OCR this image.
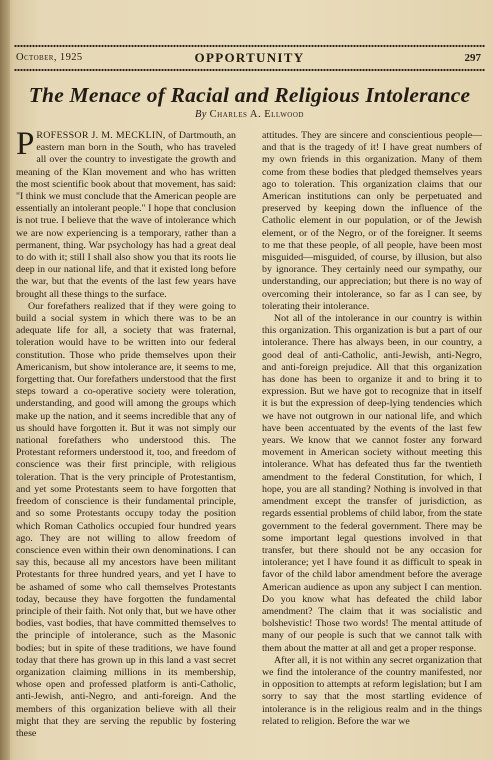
October, 1925	OPPORTUNITY	297
The Menace of Racial and Religious Intolerance
By Charles A. Ellwood

PROFESSOR J. M. MECKLIN, of Dartmouth, an eastern man born in the South, who has traveled all over the country to investigate the growth and meaning of the Klan movement and who has written the most scientific book about that movement, has said: "I think we must conclude that the American people are essentially an intolerant people." I hope that conclusion is not true. I believe that the wave of intolerance which we are now experiencing is a temporary, rather than a permanent, thing. War psychology has had a great deal to do with it; still I shall also show you that its roots lie deep in our national life, and that it existed long before the war, but that the events of the last few years have brought all these things to the surface.

Our forefathers realized that if they were going to build a social system in which there was to be an adequate life for all, a society that was fraternal, toleration would have to be written into our federal constitution. Those who pride themselves upon their Americanism, but show intolerance are, it seems to me, forgetting that. Our forefathers understood that the first steps toward a co-operative society were toleration, understanding, and good will among the groups which make up the nation, and it seems incredible that any of us should have forgotten it. But it was not simply our national forefathers who understood this. The Protestant reformers understood it, too, and freedom of conscience was their first principle, with religious toleration. That is the very principle of Protestantism, and yet some Protestants seem to have forgotten that freedom of conscience is their fundamental principle, and so some Protestants occupy today the position which Roman Catholics occupied four hundred years ago. They are not willing to allow freedom of conscience even within their own denominations. I can say this, because all my ancestors have been militant Protestants for three hundred years, and yet I have to be ashamed of some who call themselves Protestants today, because they have forgotten the fundamental principle of their faith. Not only that, but we have other bodies, vast bodies, that have committed themselves to the principle of intolerance, such as the Masonic bodies; but in spite of these traditions, we have found today that there has grown up in this land a vast secret organization claiming millions in its membership, whose open and professed platform is anti-Catholic, anti-Jewish, anti-Negro, and anti-foreign. And the members of this organization believe with all their might that they are serving the republic by fostering these

attitudes. They are sincere and conscientious people—and that is the tragedy of it! I have great numbers of my own friends in this organization. Many of them come from these bodies that pledged themselves years ago to toleration. This organization claims that our American institutions can only be perpetuated and preserved by keeping down the influence of the Catholic element in our population, or of the Jewish element, or of the Negro, or of the foreigner. It seems to me that these people, of all people, have been most misguided—misguided, of course, by illusion, but also by ignorance. They certainly need our sympathy, our understanding, our appreciation; but there is no way of overcoming their intolerance, so far as I can see, by tolerating their intolerance.

Not all of the intolerance in our country is within this organization. This organization is but a part of our intolerance. There has always been, in our country, a good deal of anti-Catholic, anti-Jewish, anti-Negro, and anti-foreign prejudice. All that this organization has done has been to organize it and to bring it to expression. But we have got to recognize that in itself it is but the expression of deep-lying tendencies which we have not outgrown in our national life, and which have been accentuated by the events of the last few years. We know that we cannot foster any forward movement in American society without meeting this intolerance. What has defeated thus far the twentieth amendment to the federal Constitution, for which, I hope, you are all standing? Nothing is involved in that amendment except the transfer of jurisdiction, as regards essential problems of child labor, from the state government to the federal government. There may be some important legal questions involved in that transfer, but there should not be any occasion for intolerance; yet I have found it as difficult to speak in favor of the child labor amendment before the average American audience as upon any subject I can mention. Do you know what has defeated the child labor amendment? The claim that it was socialistic and bolshevistic! Those two words! The mental attitude of many of our people is such that we cannot talk with them about the matter at all and get a proper response.

After all, it is not within any secret organization that we find the intolerance of the country manifested, nor in opposition to attempts at reform legislation; but I am sorry to say that the most startling evidence of intolerance is in the religious realm and in the things related to religion. Before the war we
